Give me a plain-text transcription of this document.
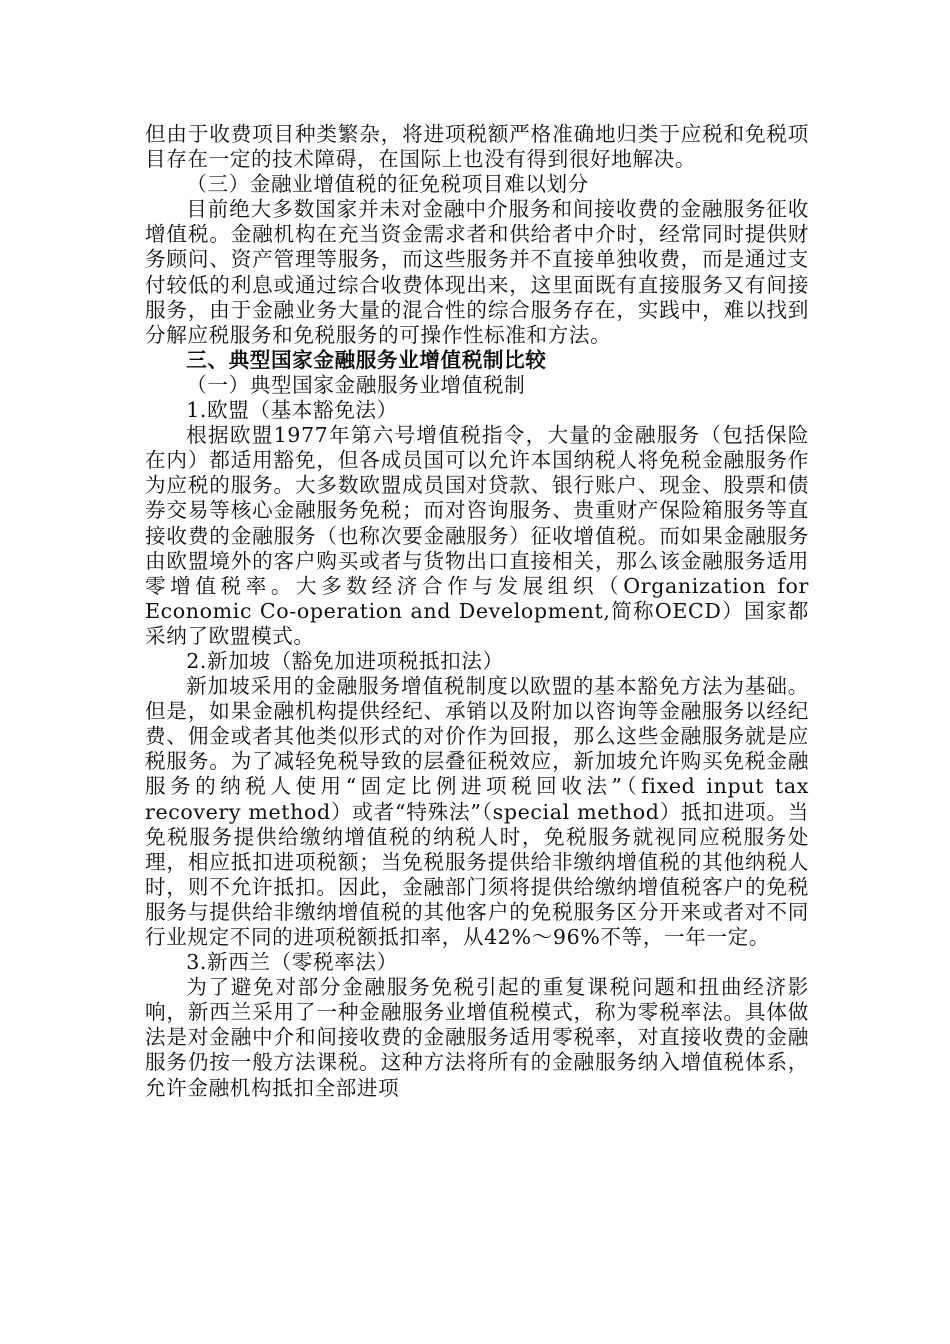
但由于收费项目种类繁杂，将进项税额严格准确地归类于应税和免税项目存在一定的技术障碍，在国际上也没有得到很好地解决。

（三）金融业增值税的征免税项目难以划分

目前绝大多数国家并未对金融中介服务和间接收费的金融服务征收增值税。金融机构在充当资金需求者和供给者中介时，经常同时提供财务顾问、资产管理等服务，而这些服务并不直接单独收费，而是通过支付较低的利息或通过综合收费体现出来，这里面既有直接服务又有间接服务，由于金融业务大量的混合性的综合服务存在，实践中，难以找到分解应税服务和免税服务的可操作性标准和方法。

三、典型国家金融服务业增值税制比较

（一）典型国家金融服务业增值税制

1.欧盟（基本豁免法）

根据欧盟1977年第六号增值税指令，大量的金融服务（包括保险在内）都适用豁免，但各成员国可以允许本国纳税人将免税金融服务作为应税的服务。大多数欧盟成员国对贷款、银行账户、现金、股票和债券交易等核心金融服务免税；而对咨询服务、贵重财产保险箱服务等直接收费的金融服务（也称次要金融服务）征收增值税。而如果金融服务由欧盟境外的客户购买或者与货物出口直接相关，那么该金融服务适用零增值税率。大多数经济合作与发展组织（Organization for Economic Co-operation and Development,简称OECD）国家都采纳了欧盟模式。

2.新加坡（豁免加进项税抵扣法）

新加坡采用的金融服务增值税制度以欧盟的基本豁免方法为基础。但是，如果金融机构提供经纪、承销以及附加以咨询等金融服务以经纪费、佣金或者其他类似形式的对价作为回报，那么这些金融服务就是应税服务。为了减轻免税导致的层叠征税效应，新加坡允许购买免税金融服务的纳税人使用“固定比例进项税回收法”（fixed input tax recovery method）或者“特殊法”（special method）抵扣进项。当免税服务提供给缴纳增值税的纳税人时，免税服务就视同应税服务处理，相应抵扣进项税额；当免税服务提供给非缴纳增值税的其他纳税人时，则不允许抵扣。因此，金融部门须将提供给缴纳增值税客户的免税服务与提供给非缴纳增值税的其他客户的免税服务区分开来或者对不同行业规定不同的进项税额抵扣率，从42%～96%不等，一年一定。

3.新西兰（零税率法）

为了避免对部分金融服务免税引起的重复课税问题和扭曲经济影响，新西兰采用了一种金融服务业增值税模式，称为零税率法。具体做法是对金融中介和间接收费的金融服务适用零税率，对直接收费的金融服务仍按一般方法课税。这种方法将所有的金融服务纳入增值税体系，允许金融机构抵扣全部进项
